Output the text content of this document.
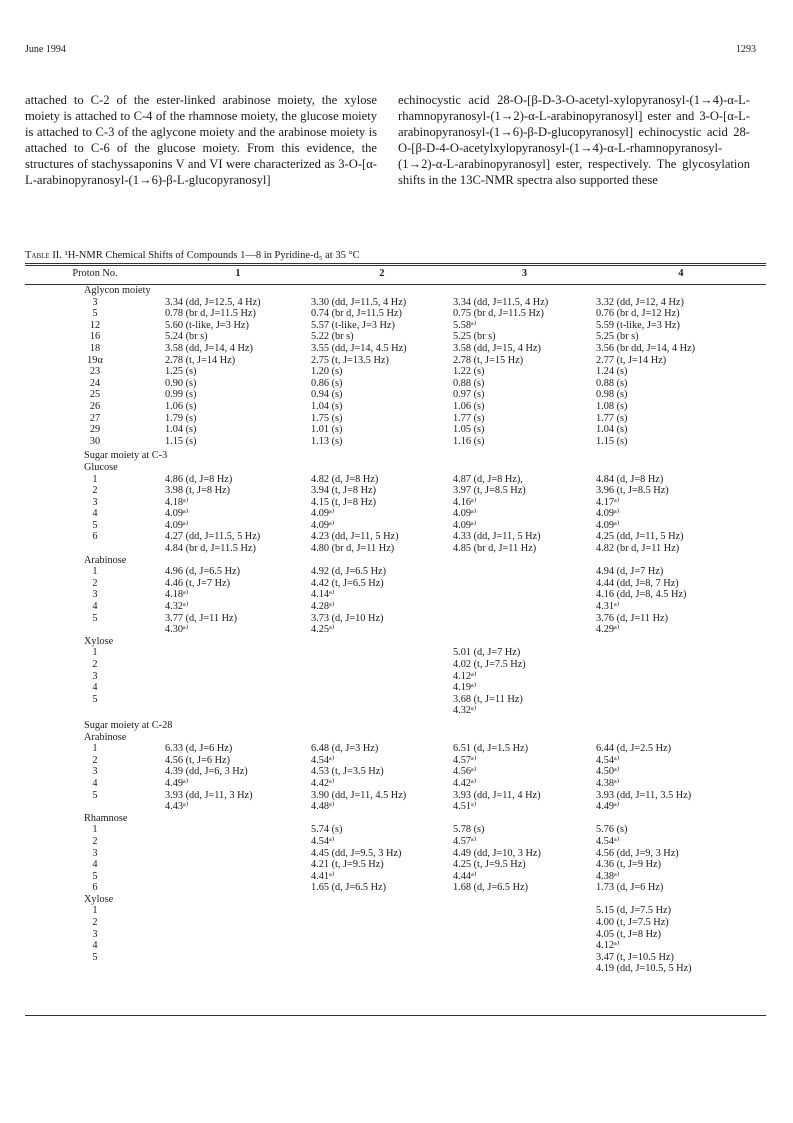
June 1994	1293
attached to C-2 of the ester-linked arabinose moiety, the xylose moiety is attached to C-4 of the rhamnose moiety, the glucose moiety is attached to C-3 of the aglycone moiety and the arabinose moiety is attached to C-6 of the glucose moiety. From this evidence, the structures of stachyssaponins V and VI were characterized as 3-O-[α-L-arabinopyranosyl-(1→6)-β-L-glucopyranosyl]
echinocystic acid 28-O-[β-D-3-O-acetyl-xylopyranosyl-(1→4)-α-L-rhamnopyranosyl-(1→2)-α-L-arabinopyranosyl] ester and 3-O-[α-L-arabinopyranosyl-(1→6)-β-D-glucopyranosyl] echinocystic acid 28-O-[β-D-4-O-acetylxylopyranosyl-(1→4)-α-L-rhamnopyranosyl-(1→2)-α-L-arabinopyranosyl] ester, respectively. The glycosylation shifts in the 13C-NMR spectra also supported these
Table II. ¹H-NMR Chemical Shifts of Compounds 1—8 in Pyridine-d₅ at 35 °C
Proton No.	1	2	3	4
Aglycon moiety				
3	3.34 (dd, J=12.5, 4 Hz)	3.30 (dd, J=11.5, 4 Hz)	3.34 (dd, J=11.5, 4 Hz)	3.32 (dd, J=12, 4 Hz)
5	0.78 (br d, J=11.5 Hz)	0.74 (br d, J=11.5 Hz)	0.75 (br d, J=11.5 Hz)	0.76 (br d, J=12 Hz)
12	5.60 (t-like, J=3 Hz)	5.57 (t-like, J=3 Hz)	5.58ᵃ⁾	5.59 (t-like, J=3 Hz)
16	5.24 (br s)	5.22 (br s)	5.25 (br s)	5.25 (br s)
18	3.58 (dd, J=14, 4 Hz)	3.55 (dd, J=14, 4.5 Hz)	3.58 (dd, J=15, 4 Hz)	3.56 (br dd, J=14, 4 Hz)
19α	2.78 (t, J=14 Hz)	2.75 (t, J=13.5 Hz)	2.78 (t, J=15 Hz)	2.77 (t, J=14 Hz)
23	1.25 (s)	1.20 (s)	1.22 (s)	1.24 (s)
24	0.90 (s)	0.86 (s)	0.88 (s)	0.88 (s)
25	0.99 (s)	0.94 (s)	0.97 (s)	0.98 (s)
26	1.06 (s)	1.04 (s)	1.06 (s)	1.08 (s)
27	1.79 (s)	1.75 (s)	1.77 (s)	1.77 (s)
29	1.04 (s)	1.01 (s)	1.05 (s)	1.04 (s)
30	1.15 (s)	1.13 (s)	1.16 (s)	1.15 (s)

Sugar moiety at C-3				
Glucose				
1	4.86 (d, J=8 Hz)	4.82 (d, J=8 Hz)	4.87 (d, J=8 Hz),	4.84 (d, J=8 Hz)
2	3.98 (t, J=8 Hz)	3.94 (t, J=8 Hz)	3.97 (t, J=8.5 Hz)	3.96 (t, J=8.5 Hz)
3	4.18ᵃ⁾	4.15 (t, J=8 Hz)	4.16ᵃ⁾	4.17ᵃ⁾
4	4.09ᵃ⁾	4.09ᵃ⁾	4.09ᵃ⁾	4.09ᵃ⁾
5	4.09ᵃ⁾	4.09ᵃ⁾	4.09ᵃ⁾	4.09ᵃ⁾
6	4.27 (dd, J=11.5, 5 Hz)	4.23 (dd, J=11, 5 Hz)	4.33 (dd, J=11, 5 Hz)	4.25 (dd, J=11, 5 Hz)
	4.84 (br d, J=11.5 Hz)	4.80 (br d, J=11 Hz)	4.85 (br d, J=11 Hz)	4.82 (br d, J=11 Hz)
Arabinose				
1	4.96 (d, J=6.5 Hz)	4.92 (d, J=6.5 Hz)		4.94 (d, J=7 Hz)
2	4.46 (t, J=7 Hz)	4.42 (t, J=6.5 Hz)		4.44 (dd, J=8, 7 Hz)
3	4.18ᵃ⁾	4.14ᵃ⁾		4.16 (dd, J=8, 4.5 Hz)
4	4.32ᵃ⁾	4.28ᵃ⁾		4.31ᵃ⁾
5	3.77 (d, J=11 Hz)	3.73 (d, J=10 Hz)		3.76 (d, J=11 Hz)
	4.30ᵃ⁾	4.25ᵃ⁾		4.29ᵃ⁾
Xylose				
1			5.01 (d, J=7 Hz)	
2			4.02 (t, J=7.5 Hz)	
3			4.12ᵃ⁾	
4			4.19ᵃ⁾	
5			3.68 (t, J=11 Hz)	
			4.32ᵃ⁾	

Sugar moiety at C-28				
Arabinose				
1	6.33 (d, J=6 Hz)	6.48 (d, J=3 Hz)	6.51 (d, J=1.5 Hz)	6.44 (d, J=2.5 Hz)
2	4.56 (t, J=6 Hz)	4.54ᵃ⁾	4.57ᵃ⁾	4.54ᵃ⁾
3	4.39 (dd, J=6, 3 Hz)	4.53 (t, J=3.5 Hz)	4.56ᵃ⁾	4.50ᵃ⁾
4	4.49ᵃ⁾	4.42ᵃ⁾	4.42ᵃ⁾	4.38ᵃ⁾
5	3.93 (dd, J=11, 3 Hz)	3.90 (dd, J=11, 4.5 Hz)	3.93 (dd, J=11, 4 Hz)	3.93 (dd, J=11, 3.5 Hz)
	4.43ᵃ⁾	4.48ᵃ⁾	4.51ᵃ⁾	4.49ᵃ⁾
Rhamnose				
1		5.74 (s)	5.78 (s)	5.76 (s)
2		4.54ᵃ⁾	4.57ᵃ⁾	4.54ᵃ⁾
3		4.45 (dd, J=9.5, 3 Hz)	4.49 (dd, J=10, 3 Hz)	4.56 (dd, J=9, 3 Hz)
4		4.21 (t, J=9.5 Hz)	4.25 (t, J=9.5 Hz)	4.36 (t, J=9 Hz)
5		4.41ᵃ⁾	4.44ᵃ⁾	4.38ᵃ⁾
6		1.65 (d, J=6.5 Hz)	1.68 (d, J=6.5 Hz)	1.73 (d, J=6 Hz)
Xylose				
1				5.15 (d, J=7.5 Hz)
2				4.00 (t, J=7.5 Hz)
3				4.05 (t, J=8 Hz)
4				4.12ᵃ⁾
5				3.47 (t, J=10.5 Hz)
				4.19 (dd, J=10.5, 5 Hz)
